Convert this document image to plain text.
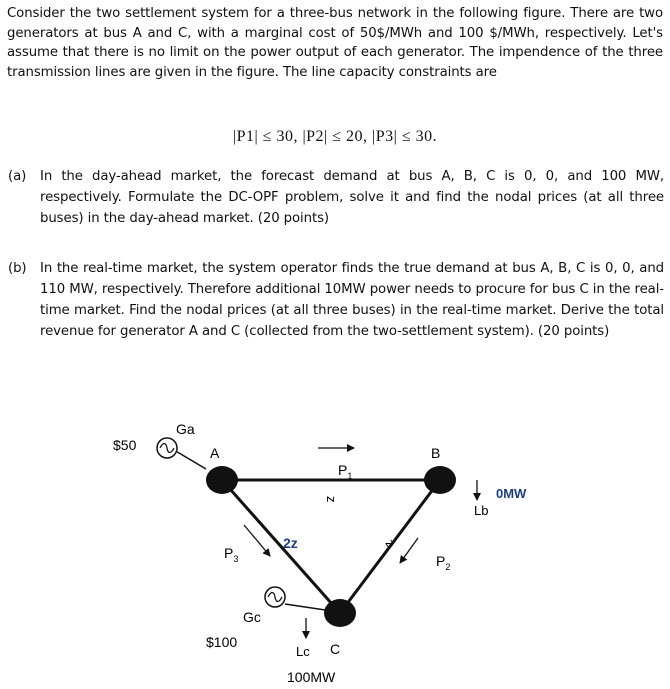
Consider the two settlement system for a three-bus network in the following figure. There are two generators at bus A and C, with a marginal cost of 50$/MWh and 100 $/MWh, respectively. Let's assume that there is no limit on the power output of each generator. The impendence of the three transmission lines are given in the figure. The line capacity constraints are
|P1| ≤ 30, |P2| ≤ 20, |P3| ≤ 30.
(a) In the day-ahead market, the forecast demand at bus A, B, C is 0, 0, and 100 MW, respectively. Formulate the DC-OPF problem, solve it and find the nodal prices (at all three buses) in the day-ahead market. (20 points)
(b) In the real-time market, the system operator finds the true demand at bus A, B, C is 0, 0, and 110 MW, respectively. Therefore additional 10MW power needs to procure for bus C in the real-time market. Find the nodal prices (at all three buses) in the real-time market. Derive the total revenue for generator A and C (collected from the two-settlement system). (20 points)
Ga
$50	A	B
C
$P_1$
$P_2$
$P_3$
z
z
2z
Lb
0MW
Gc
$100
Lc
100MW
